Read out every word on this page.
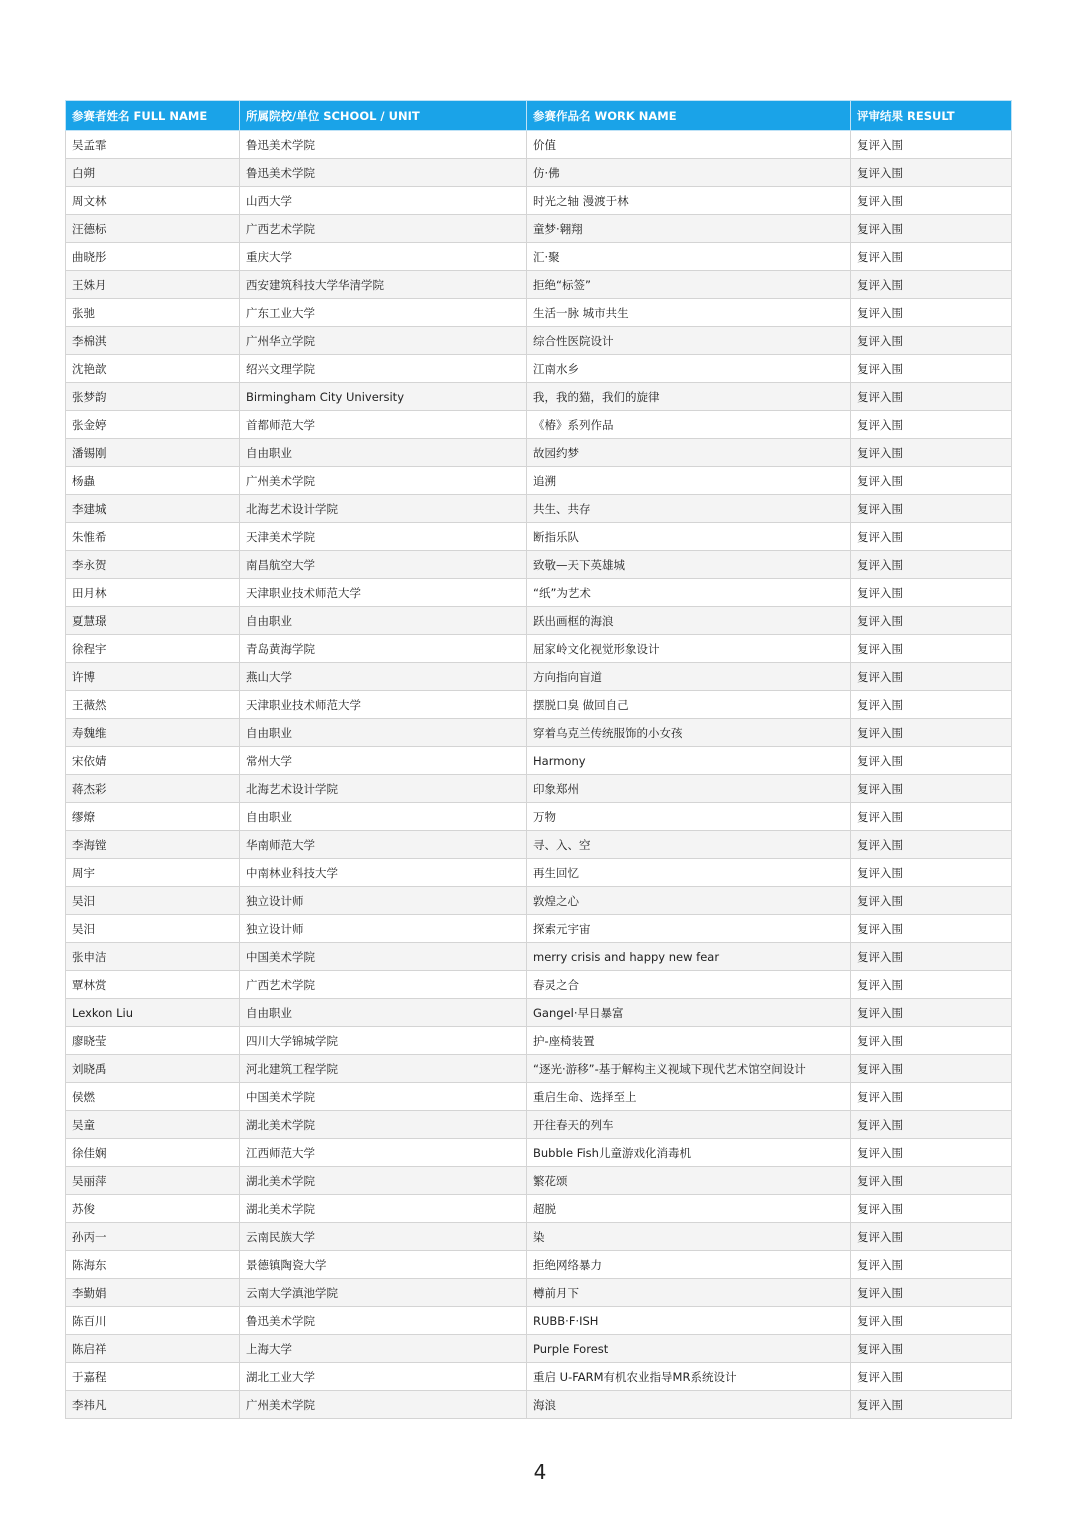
参赛者姓名 FULL NAME	所属院校/单位 SCHOOL / UNIT	参赛作品名 WORK NAME	评审结果 RESULT
吴孟霏	鲁迅美术学院	价值	复评入围
白朔	鲁迅美术学院	仿·佛	复评入围
周文林	山西大学	时光之轴 漫渡于林	复评入围
汪德标	广西艺术学院	童梦·翱翔	复评入围
曲晓彤	重庆大学	汇·聚	复评入围
王姝月	西安建筑科技大学华清学院	拒绝“标签”	复评入围
张驰	广东工业大学	生活一脉 城市共生	复评入围
李棉淇	广州华立学院	综合性医院设计	复评入围
沈艳歆	绍兴文理学院	江南水乡	复评入围
张梦韵	Birmingham City University	我，我的猫，我们的旋律	复评入围
张金婷	首都师范大学	《椿》系列作品	复评入围
潘锡刚	自由职业	故园约梦	复评入围
杨蟲	广州美术学院	追溯	复评入围
李建城	北海艺术设计学院	共生、共存	复评入围
朱惟希	天津美术学院	断指乐队	复评入围
李永贺	南昌航空大学	致敬—天下英雄城	复评入围
田月林	天津职业技术师范大学	“纸”为艺术	复评入围
夏慧璟	自由职业	跃出画框的海浪	复评入围
徐程宇	青岛黄海学院	屈家岭文化视觉形象设计	复评入围
许博	燕山大学	方向指向盲道	复评入围
王薇然	天津职业技术师范大学	摆脱口臭 做回自己	复评入围
寿魏维	自由职业	穿着乌克兰传统服饰的小女孩	复评入围
宋依婧	常州大学	Harmony	复评入围
蒋杰彩	北海艺术设计学院	印象郑州	复评入围
缪燎	自由职业	万物	复评入围
李海镗	华南师范大学	寻、入、空	复评入围
周宇	中南林业科技大学	再生回忆	复评入围
吴汨	独立设计师	敦煌之心	复评入围
吴汨	独立设计师	探索元宇宙	复评入围
张申洁	中国美术学院	merry crisis and happy new fear	复评入围
覃林赏	广西艺术学院	春灵之合	复评入围
Lexkon Liu	自由职业	Gangel·早日暴富	复评入围
廖晓莹	四川大学锦城学院	护-座椅装置	复评入围
刘晓禹	河北建筑工程学院	“逐光·游移”-基于解构主义视域下现代艺术馆空间设计	复评入围
侯燃	中国美术学院	重启生命、选择至上	复评入围
吴童	湖北美术学院	开往春天的列车	复评入围
徐佳娴	江西师范大学	Bubble Fish儿童游戏化消毒机	复评入围
吴丽萍	湖北美术学院	繁花颂	复评入围
苏俊	湖北美术学院	超脱	复评入围
孙丙一	云南民族大学	染	复评入围
陈海东	景德镇陶瓷大学	拒绝网络暴力	复评入围
李勤娟	云南大学滇池学院	樽前月下	复评入围
陈百川	鲁迅美术学院	RUBB·F·ISH	复评入围
陈启祥	上海大学	Purple Forest	复评入围
于嘉程	湖北工业大学	重启 U-FARM有机农业指导MR系统设计	复评入围
李祎凡	广州美术学院	海浪	复评入围
4
